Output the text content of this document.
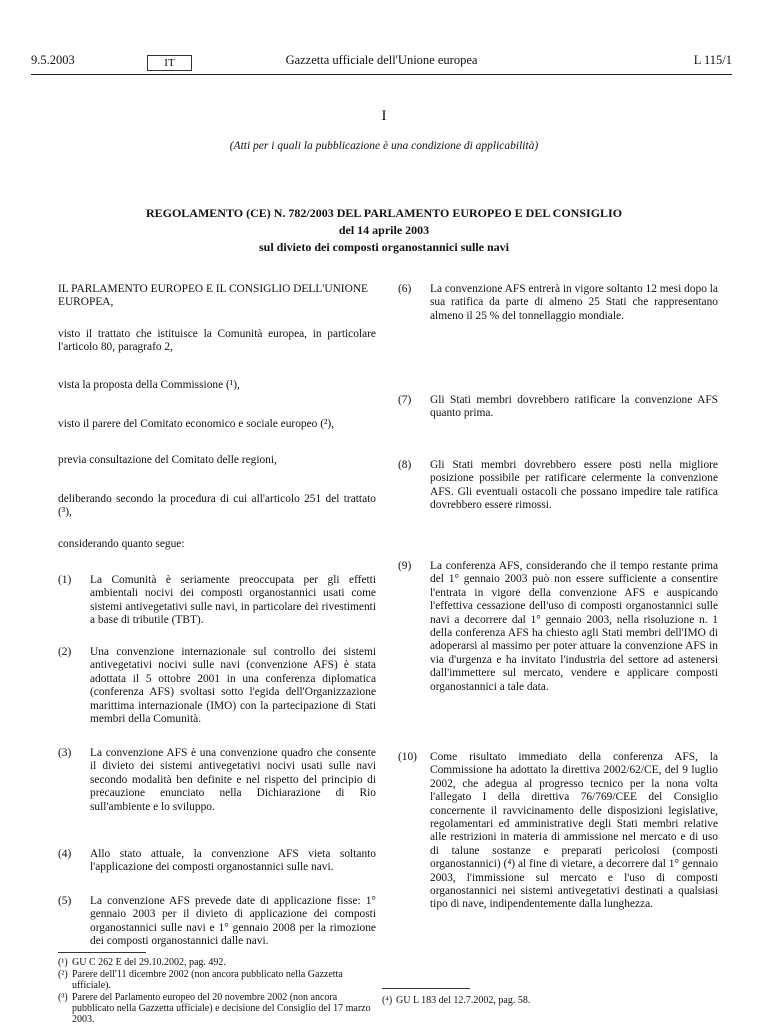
9.5.2003	IT	Gazzetta ufficiale dell'Unione europea	L 115/1
I
(Atti per i quali la pubblicazione è una condizione di applicabilità)
REGOLAMENTO (CE) N. 782/2003 DEL PARLAMENTO EUROPEO E DEL CONSIGLIO
del 14 aprile 2003
sul divieto dei composti organostannici sulle navi
IL PARLAMENTO EUROPEO E IL CONSIGLIO DELL'UNIONE EUROPEA,
visto il trattato che istituisce la Comunità europea, in particolare l'articolo 80, paragrafo 2,
vista la proposta della Commissione (¹),
visto il parere del Comitato economico e sociale europeo (²),
previa consultazione del Comitato delle regioni,
deliberando secondo la procedura di cui all'articolo 251 del trattato (³),
considerando quanto segue:
(1)	La Comunità è seriamente preoccupata per gli effetti ambientali nocivi dei composti organostannici usati come sistemi antivegetativi sulle navi, in particolare dei rivestimenti a base di tributile (TBT).
(2)	Una convenzione internazionale sul controllo dei sistemi antivegetativi nocivi sulle navi (convenzione AFS) è stata adottata il 5 ottobre 2001 in una conferenza diplomatica (conferenza AFS) svoltasi sotto l'egida dell'Organizzazione marittima internazionale (IMO) con la partecipazione di Stati membri della Comunità.
(3)	La convenzione AFS è una convenzione quadro che consente il divieto dei sistemi antivegetativi nocivi usati sulle navi secondo modalità ben definite e nel rispetto del principio di precauzione enunciato nella Dichiarazione di Rio sull'ambiente e lo sviluppo.
(4)	Allo stato attuale, la convenzione AFS vieta soltanto l'applicazione dei composti organostannici sulle navi.
(5)	La convenzione AFS prevede date di applicazione fisse: 1° gennaio 2003 per il divieto di applicazione dei composti organostannici sulle navi e 1° gennaio 2008 per la rimozione dei composti organostannici dalle navi.
(¹) GU C 262 E del 29.10.2002, pag. 492.
(²) Parere dell'11 dicembre 2002 (non ancora pubblicato nella Gazzetta ufficiale).
(³) Parere del Parlamento europeo del 20 novembre 2002 (non ancora pubblicato nella Gazzetta ufficiale) e decisione del Consiglio del 17 marzo 2003.
(6)	La convenzione AFS entrerà in vigore soltanto 12 mesi dopo la sua ratifica da parte di almeno 25 Stati che rappresentano almeno il 25 % del tonnellaggio mondiale.
(7)	Gli Stati membri dovrebbero ratificare la convenzione AFS quanto prima.
(8)	Gli Stati membri dovrebbero essere posti nella migliore posizione possibile per ratificare celermente la convenzione AFS. Gli eventuali ostacoli che possano impedire tale ratifica dovrebbero essere rimossi.
(9)	La conferenza AFS, considerando che il tempo restante prima del 1° gennaio 2003 può non essere sufficiente a consentire l'entrata in vigore della convenzione AFS e auspicando l'effettiva cessazione dell'uso di composti organostannici sulle navi a decorrere dal 1° gennaio 2003, nella risoluzione n. 1 della conferenza AFS ha chiesto agli Stati membri dell'IMO di adoperarsi al massimo per poter attuare la convenzione AFS in via d'urgenza e ha invitato l'industria del settore ad astenersi dall'immettere sul mercato, vendere e applicare composti organostannici a tale data.
(10)	Come risultato immediato della conferenza AFS, la Commissione ha adottato la direttiva 2002/62/CE, del 9 luglio 2002, che adegua al progresso tecnico per la nona volta l'allegato I della direttiva 76/769/CEE del Consiglio concernente il ravvicinamento delle disposizioni legislative, regolamentari ed amministrative degli Stati membri relative alle restrizioni in materia di ammissione nel mercato e di uso di talune sostanze e preparati pericolosi (composti organostannici) (⁴) al fine di vietare, a decorrere dal 1° gennaio 2003, l'immissione sul mercato e l'uso di composti organostannici nei sistemi antivegetativi destinati a qualsiasi tipo di nave, indipendentemente dalla lunghezza.
(⁴) GU L 183 del 12.7.2002, pag. 58.
